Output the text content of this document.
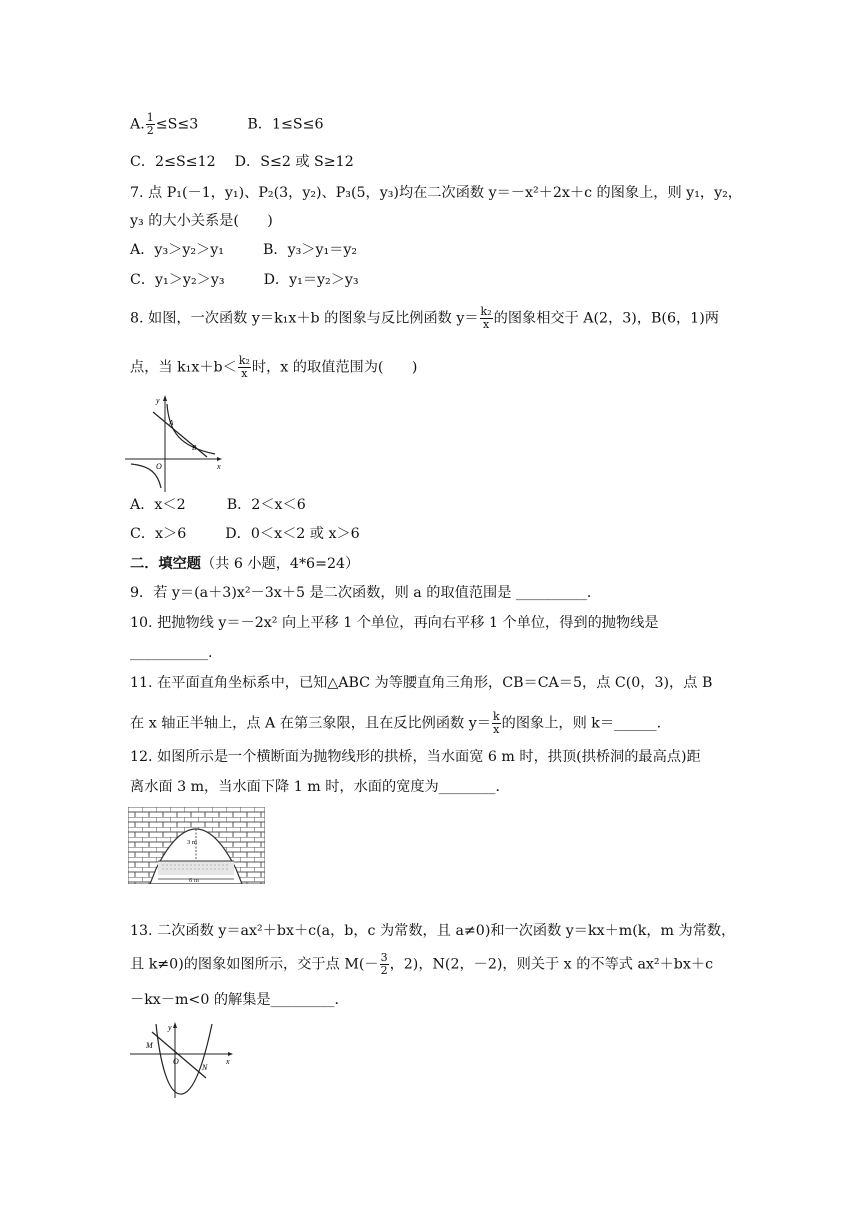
A. $\frac{1}{2} \le S\le 3$	B．1≤S≤6
C．2≤S≤12 D．S≤2 或 S≥12
7. 点 P₁(－1，y₁)、P₂(3，y₂)、P₃(5，y₃)均在二次函数 y＝－x²＋2x＋c 的图象上，则 y₁，y₂，
y₃ 的大小关系是(　　)
A．y₃＞y₂＞y₁	B．y₃＞y₁＝y₂
C．y₁＞y₂＞y₃	D．y₁＝y₂＞y₃
8. 如图，一次函数 y＝k₁x＋b 的图象与反比例函数 $y= \frac{\text{k₂}}{x}$ 的图象相交于 A(2，3)，B(6，1)两
点，当 $k_1x+b< \frac{\text{k₂}}{x}$ 时，x 的取值范围为(　　)
y
x
O
A
B
A．x＜2	B．2＜x＜6
C．x＞6	D．0＜x＜2 或 x＞6
二．填空题（共 6 小题，4*6=24）
9．若 y＝(a＋3)x²－3x＋5 是二次函数，则 a 的取值范围是 __________．
10. 把抛物线 y＝－2x² 向上平移 1 个单位，再向右平移 1 个单位，得到的抛物线是
___________.
11. 在平面直角坐标系中，已知△ABC 为等腰直角三角形，CB＝CA＝5，点 C(0，3)，点 B
在 x 轴正半轴上，点 A 在第三象限，且在反比例函数 $y= \frac{k}{x}$ 的图象上，则 k＝______.
12. 如图所示是一个横断面为抛物线形的拱桥，当水面宽 6 m 时，拱顶(拱桥洞的最高点)距
离水面 3 m，当水面下降 1 m 时，水面的宽度为________．
3 m
6 m
13. 二次函数 y＝ax²＋bx＋c(a，b，c 为常数，且 a≠0)和一次函数 y＝kx＋m(k，m 为常数，
且 k≠0)的图象如图所示，交于点 $M(- \frac{3}{2}$ ，2)，N(2，－2)，则关于 x 的不等式 ax²＋bx＋c
－kx－m<0 的解集是_________．
y
x
O
M
N
